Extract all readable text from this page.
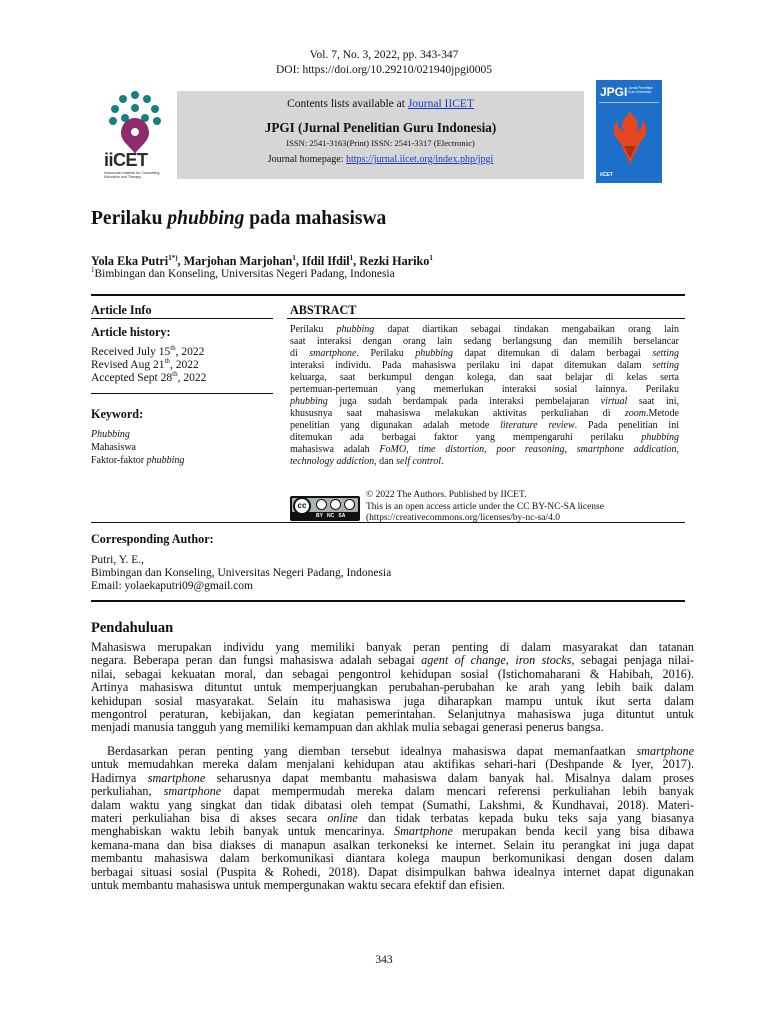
Vol. 7, No. 3, 2022, pp. 343-347
DOI: https://doi.org/10.29210/021940jpgi0005
iiCET
Indonesian Institute for Counseling, Education and Therapy
Contents lists available at Journal IICET
JPGI (Jurnal Penelitian Guru Indonesia)
ISSN: 2541-3163(Print) ISSN: 2541-3317 (Electronic)
Journal homepage: https://jurnal.iicet.org/index.php/jpgi
JPGI Jurnal Penelitian Guru Indonesia
iiCET
Perilaku phubbing pada mahasiswa
Yola Eka Putri$^{1*)}$, Marjohan Marjohan$^1$, Ifdil Ifdil$^1$, Rezki Hariko$^1$
$^1$Bimbingan dan Konseling, Universitas Negeri Padang, Indonesia
Article Info
Article history:
Received July 15th, 2022
Revised Aug 21th, 2022
Accepted Sept 28th, 2022
Keyword:
Phubbing
Mahasiswa
Faktor-faktor phubbing
ABSTRACT
Perilaku phubbing dapat diartikan sebagai tindakan mengabaikan orang lain
saat interaksi dengan orang lain sedang berlangsung dan memilih berselancar
di smartphone. Perilaku phubbing dapat ditemukan di dalam berbagai setting
interaksi individu. Pada mahasiswa perilaku ini dapat ditemukan dalam setting
keluarga, saat berkumpul dengan kolega, dan saat belajar di kelas serta
pertemuan-pertemuan yang memerlukan interaksi sosial lainnya. Perilaku
phubbing juga sudah berdampak pada interaksi pembelajaran virtual saat ini,
khususnya saat mahasiswa melakukan aktivitas perkuliahan di zoom.Metode
penelitian yang digunakan adalah metode literature review. Pada penelitian ini
ditemukan ada berbagai faktor yang mempengaruhi perilaku phubbing
mahasiswa adalah FoMO, time distortion, poor reasoning, smartphone addication,
technology addiction, dan self control.
cc
BY   NC   SA
© 2022 The Authors. Published by IICET.
This is an open access article under the CC BY-NC-SA license
(https://creativecommons.org/licenses/by-nc-sa/4.0
Corresponding Author:
Putri, Y. E.,
Bimbingan dan Konseling, Universitas Negeri Padang, Indonesia
Email: yolaekaputri09@gmail.com
Pendahuluan
Mahasiswa merupakan individu yang memiliki banyak peran penting di dalam masyarakat dan tatanan
negara. Beberapa peran dan fungsi mahasiswa adalah sebagai agent of change, iron stocks, sebagai penjaga nilai-
nilai, sebagai kekuatan moral, dan sebagai pengontrol kehidupan sosial (Istichomaharani & Habibah, 2016).
Artinya mahasiswa dituntut untuk memperjuangkan perubahan-perubahan ke arah yang lebih baik dalam
kehidupan sosial masyarakat. Selain itu mahasiswa juga diharapkan mampu untuk ikut serta dalam
mengontrol peraturan, kebijakan, dan kegiatan pemerintahan. Selanjutnya mahasiswa juga dituntut untuk
menjadi manusia tangguh yang memiliki kemampuan dan akhlak mulia sebagai generasi penerus bangsa.
Berdasarkan peran penting yang diemban tersebut idealnya mahasiswa dapat memanfaatkan smartphone
untuk memudahkan mereka dalam menjalani kehidupan atau aktifikas sehari-hari (Deshpande & Iyer, 2017).
Hadirnya smartphone seharusnya dapat membantu mahasiswa dalam banyak hal. Misalnya dalam proses
perkuliahan, smartphone dapat mempermudah mereka dalam mencari referensi perkuliahan lebih banyak
dalam waktu yang singkat dan tidak dibatasi oleh tempat (Sumathi, Lakshmi, & Kundhavai, 2018). Materi-
materi perkuliahan bisa di akses secara online dan tidak terbatas kepada buku teks saja yang biasanya
menghabiskan waktu lebih banyak untuk mencarinya. Smartphone merupakan benda kecil yang bisa dibawa
kemana-mana dan bisa diakses di manapun asalkan terkoneksi ke internet. Selain itu perangkat ini juga dapat
membantu mahasiswa dalam berkomunikasi diantara kolega maupun berkomunikasi dengan dosen dalam
berbagai situasi sosial (Puspita & Rohedi, 2018). Dapat disimpulkan bahwa idealnya internet dapat digunakan
untuk membantu mahasiswa untuk mempergunakan waktu secara efektif dan efisien.
343
